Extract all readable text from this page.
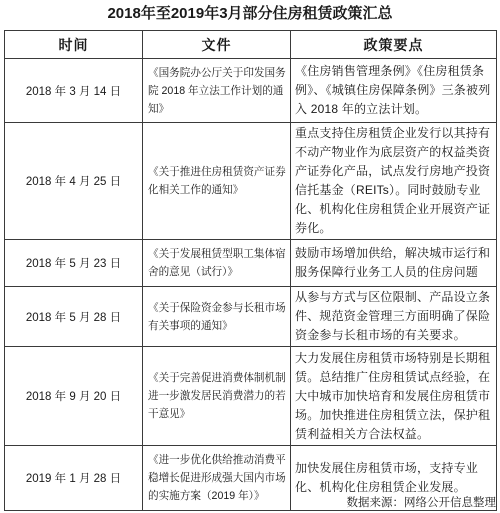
2018年至2019年3月部分住房租赁政策汇总
时间	文件	政策要点
2018 年 3 月 14 日	《国务院办公厅关于印发国务院 2018 年立法工作计划的通知》	《住房销售管理条例》《住房租赁条例》、《城镇住房保障条例》三条被列入 2018 年的立法计划。
2018 年 4 月 25 日	《关于推进住房租赁资产证券化相关工作的通知》	重点支持住房租赁企业发行以其持有不动产物业作为底层资产的权益类资产证券化产品，试点发行房地产投资信托基金（REITs）。同时鼓励专业化、机构化住房租赁企业开展资产证券化。
2018 年 5 月 23 日	《关于发展租赁型职工集体宿舍的意见（试行）》	鼓励市场增加供给，解决城市运行和服务保障行业务工人员的住房问题
2018 年 5 月 28 日	《关于保险资金参与长租市场有关事项的通知》	从参与方式与区位限制、产品设立条件、规范资金管理三方面明确了保险资金参与长租市场的有关要求。
2018 年 9 月 20 日	《关于完善促进消费体制机制 进一步激发居民消费潜力的若干意见》	大力发展住房租赁市场特别是长期租赁。总结推广住房租赁试点经验，在大中城市加快培育和发展住房租赁市场。加快推进住房租赁立法，保护租赁利益相关方合法权益。
2019 年 1 月 28 日	《进一步优化供给推动消费平稳增长促进形成强大国内市场的实施方案（2019 年）》	加快发展住房租赁市场，支持专业化、机构化住房租赁企业发展。
数据来源：网络公开信息整理
